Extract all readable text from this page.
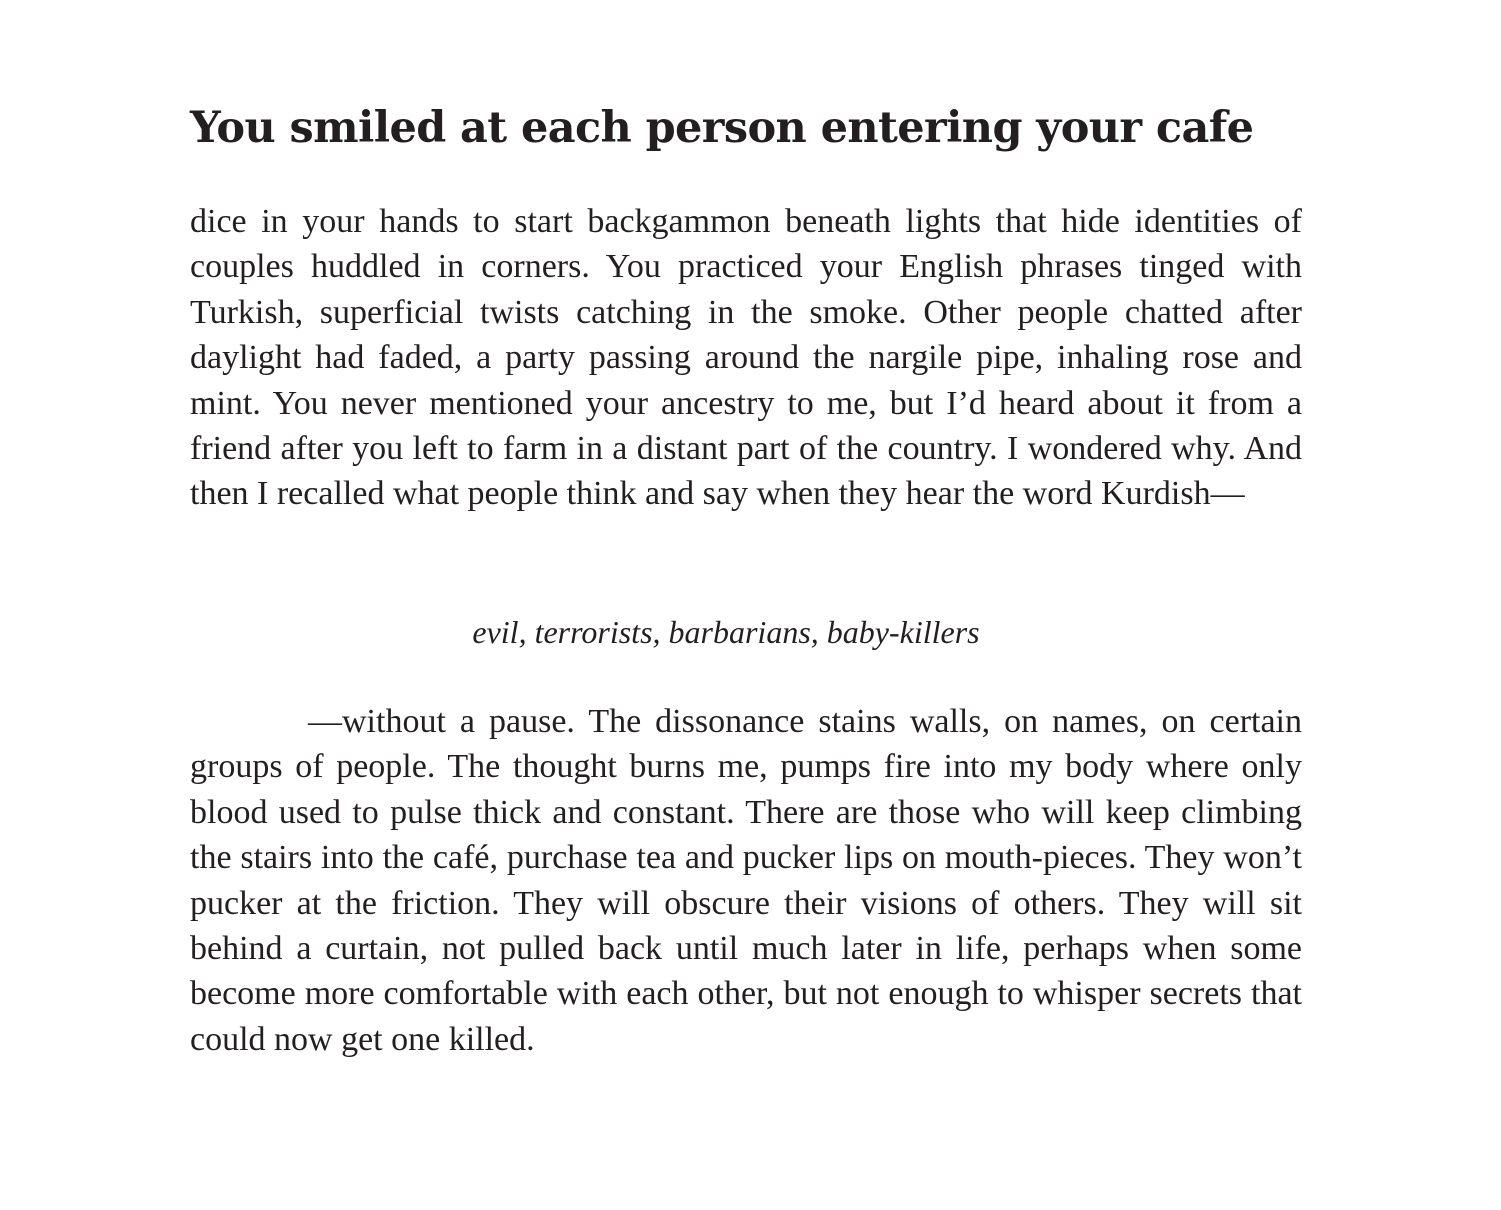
You smiled at each person entering your cafe

dice in your hands to start backgammon beneath lights that hide identities of couples huddled in corners. You practiced your English phrases tinged with Turkish, superficial twists catching in the smoke. Other people chatted after daylight had faded, a party passing around the nargile pipe, inhaling rose and mint. You never mentioned your ancestry to me, but I’d heard about it from a friend after you left to farm in a distant part of the country. I wondered why. And then I recalled what people think and say when they hear the word Kurdish—

evil, terrorists, barbarians, baby-killers

—without a pause. The dissonance stains walls, on names, on certain groups of people. The thought burns me, pumps fire into my body where only blood used to pulse thick and constant. There are those who will keep climbing the stairs into the café, purchase tea and pucker lips on mouth-pieces. They won’t pucker at the friction. They will obscure their visions of others. They will sit behind a curtain, not pulled back until much later in life, perhaps when some become more comfortable with each other, but not enough to whisper secrets that could now get one killed.
